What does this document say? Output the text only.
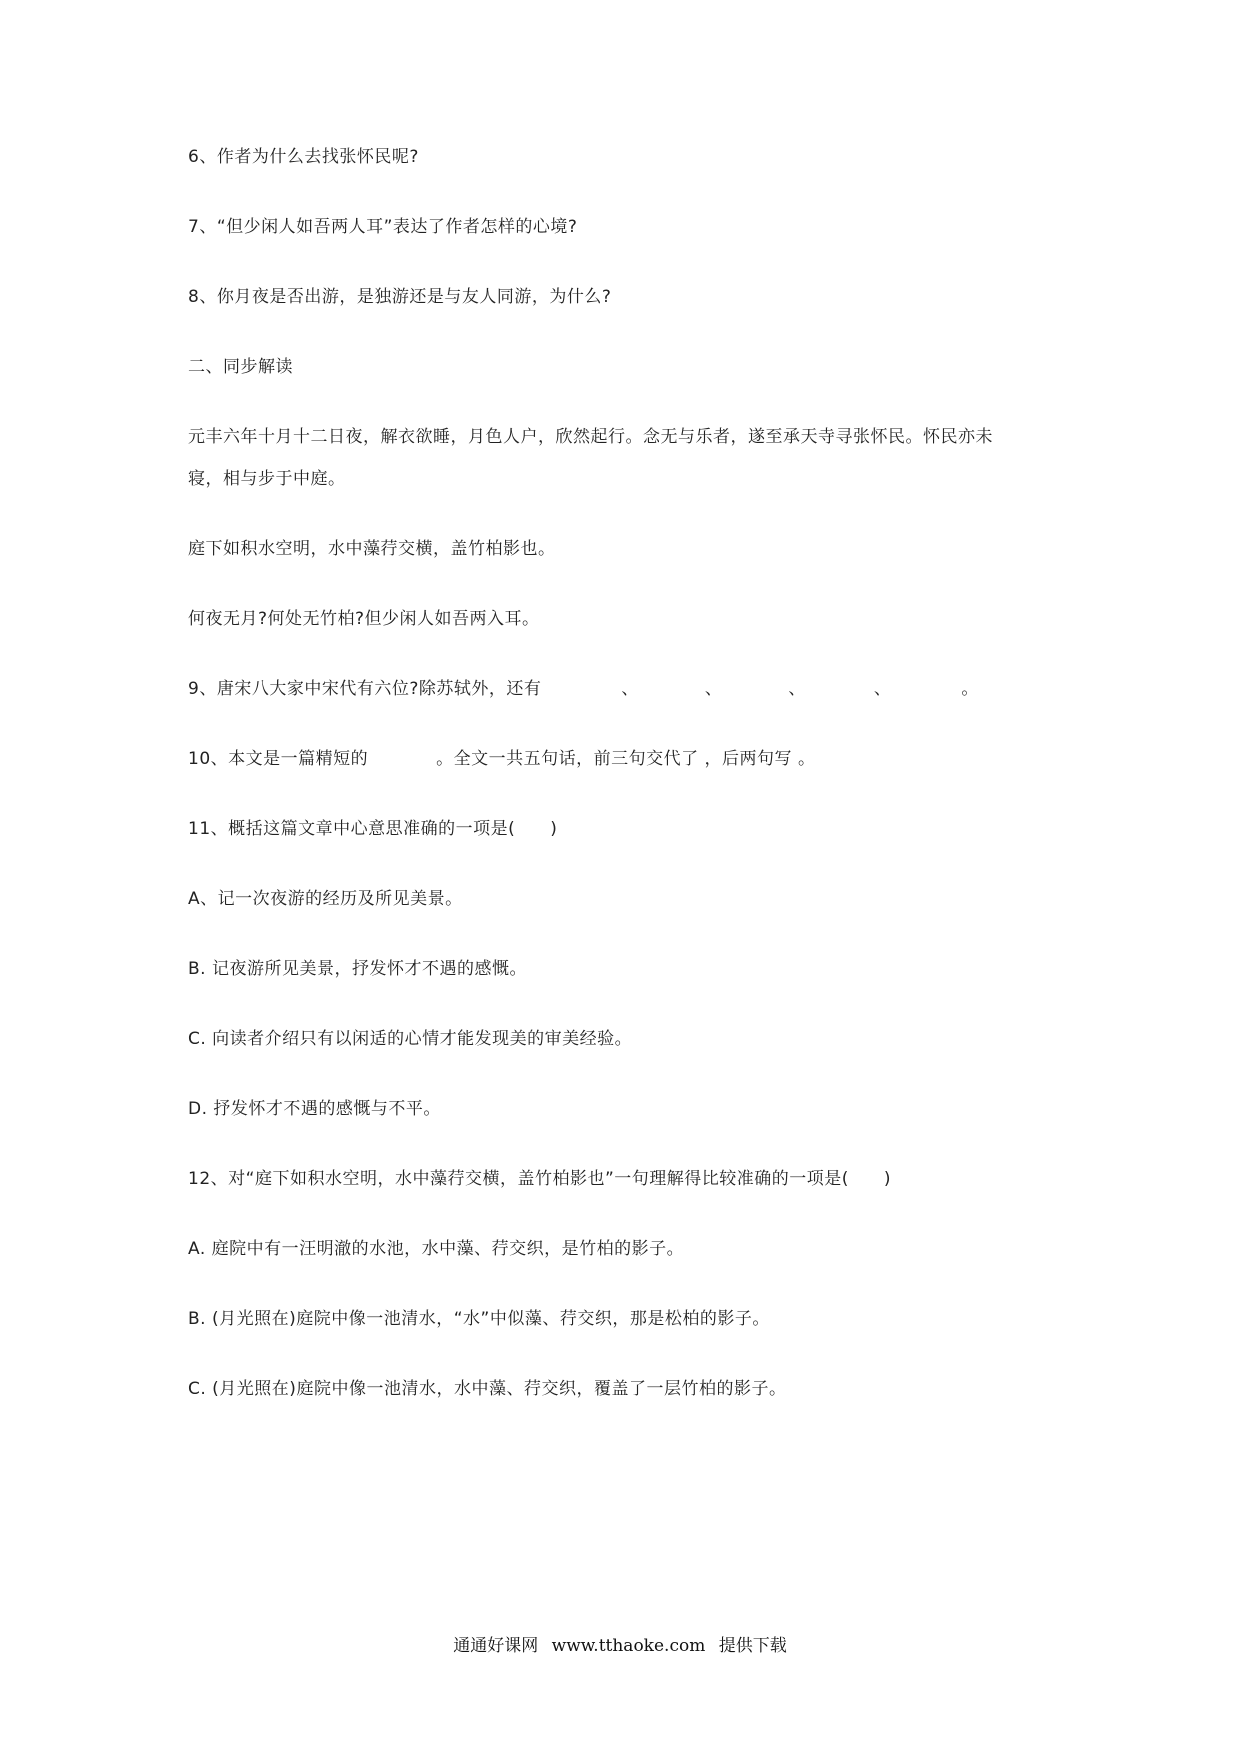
6、作者为什么去找张怀民呢?
7、“但少闲人如吾两人耳”表达了作者怎样的心境?
8、你月夜是否出游，是独游还是与友人同游，为什么?
二、同步解读
元丰六年十月十二日夜，解衣欲睡，月色人户，欣然起行。念无与乐者，遂至承天寺寻张怀民。怀民亦未
寝，相与步于中庭。
庭下如积水空明，水中藻荇交横，盖竹柏影也。
何夜无月?何处无竹柏?但少闲人如吾两入耳。
9、唐宋八大家中宋代有六位?除苏轼外，还有	、	、	、	、	。
10、本文是一篇精短的	。全文一共五句话，前三句交代了 ，后两句写 。
11、概括这篇文章中心意思准确的一项是(　　)
A、记一次夜游的经历及所见美景。
B. 记夜游所见美景，抒发怀才不遇的感慨。
C. 向读者介绍只有以闲适的心情才能发现美的审美经验。
D. 抒发怀才不遇的感慨与不平。
12、对“庭下如积水空明，水中藻荇交横，盖竹柏影也”一句理解得比较准确的一项是(　　)
A. 庭院中有一汪明澈的水池，水中藻、荇交织，是竹柏的影子。
B. (月光照在)庭院中像一池清水，“水”中似藻、荇交织，那是松柏的影子。
C. (月光照在)庭院中像一池清水，水中藻、荇交织，覆盖了一层竹柏的影子。
通通好课网 www.tthaoke.com 提供下载
